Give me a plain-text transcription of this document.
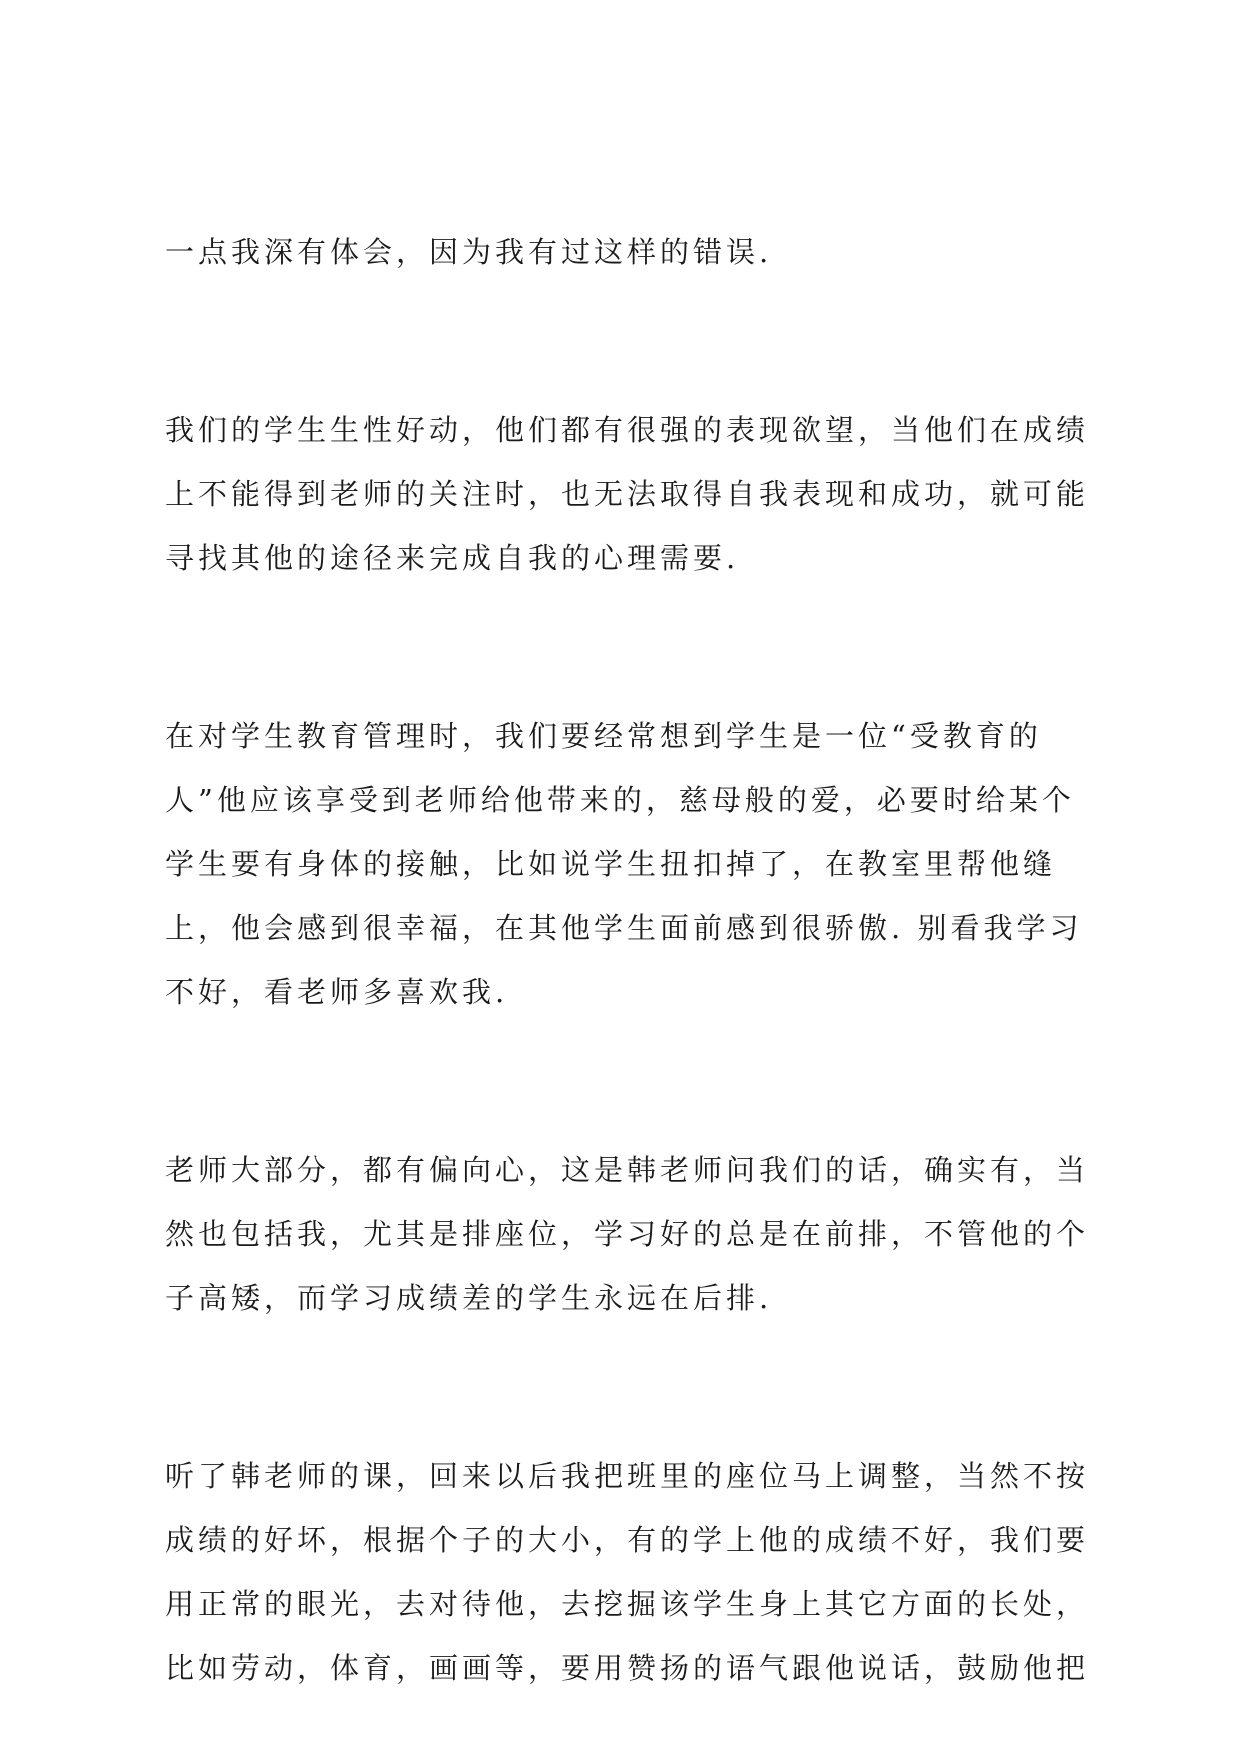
一点我深有体会，因为我有过这样的错误.
我们的学生生性好动，他们都有很强的表现欲望，当他们在成绩
上不能得到老师的关注时，也无法取得自我表现和成功，就可能
寻找其他的途径来完成自我的心理需要.
在对学生教育管理时，我们要经常想到学生是一位“受教育的
人”他应该享受到老师给他带来的，慈母般的爱，必要时给某个
学生要有身体的接触，比如说学生扭扣掉了，在教室里帮他缝
上，他会感到很幸福，在其他学生面前感到很骄傲. 别看我学习
不好，看老师多喜欢我.
老师大部分，都有偏向心，这是韩老师问我们的话，确实有，当
然也包括我，尤其是排座位，学习好的总是在前排，不管他的个
子高矮，而学习成绩差的学生永远在后排.
听了韩老师的课，回来以后我把班里的座位马上调整，当然不按
成绩的好坏，根据个子的大小，有的学上他的成绩不好，我们要
用正常的眼光，去对待他，去挖掘该学生身上其它方面的长处，
比如劳动，体育，画画等，要用赞扬的语气跟他说话，鼓励他把
